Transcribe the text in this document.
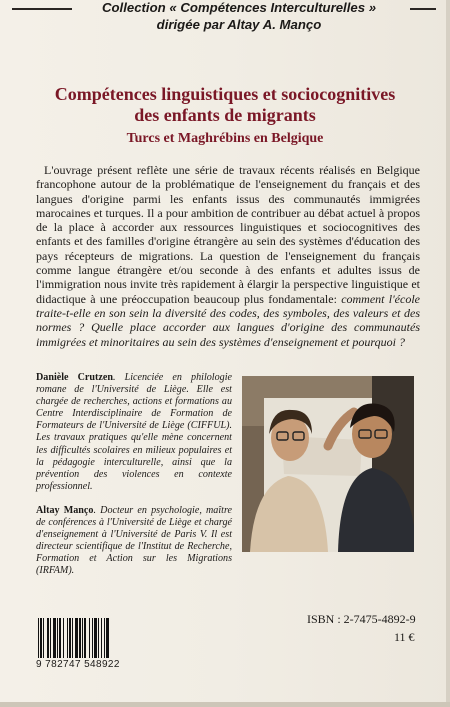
Collection « Compétences Interculturelles »
dirigée par Altay A. Mançο
Compétences linguistiques et sociocognitives
des enfants de migrants
Turcs et Maghrébins en Belgique

L'ouvrage présent reflète une série de travaux récents réalisés en Belgique francophone autour de la problématique de l'enseignement du français et des langues d'origine parmi les enfants issus des communautés immigrées marocaines et turques. Il a pour ambition de contribuer au débat actuel à propos de la place à accorder aux ressources linguistiques et sociocognitives des enfants et des familles d'origine étrangère au sein des systèmes d'éducation des pays récepteurs de migrations. La question de l'enseignement du français comme langue étrangère et/ou seconde à des enfants et adultes issus de l'immigration nous invite très rapidement à élargir la perspective linguistique et didactique à une préoccupation beaucoup plus fondamentale: comment l'école traite-t-elle en son sein la diversité des codes, des symboles, des valeurs et des normes ? Quelle place accorder aux langues d'origine des communautés immigrées et minoritaires au sein des systèmes d'enseignement et pourquoi ?

Danièle Crutzen. Licenciée en philologie romane de l'Université de Liège. Elle est chargée de recherches, actions et formations au Centre Interdisciplinaire de Formation de Formateurs de l'Université de Liège (CIFFUL). Les travaux pratiques qu'elle mène concernent les difficultés scolaires en milieux populaires et la pédagogie interculturelle, ainsi que la prévention des violences en contexte professionnel.

Altay Mançο. Docteur en psychologie, maître de conférences à l'Université de Liège et chargé d'enseignement à l'Université de Paris V. Il est directeur scientifique de l'Institut de Recherche, Formation et Action sur les Migrations (IRFAM).

9 782747 548922
ISBN : 2-7475-4892-9
11 €
